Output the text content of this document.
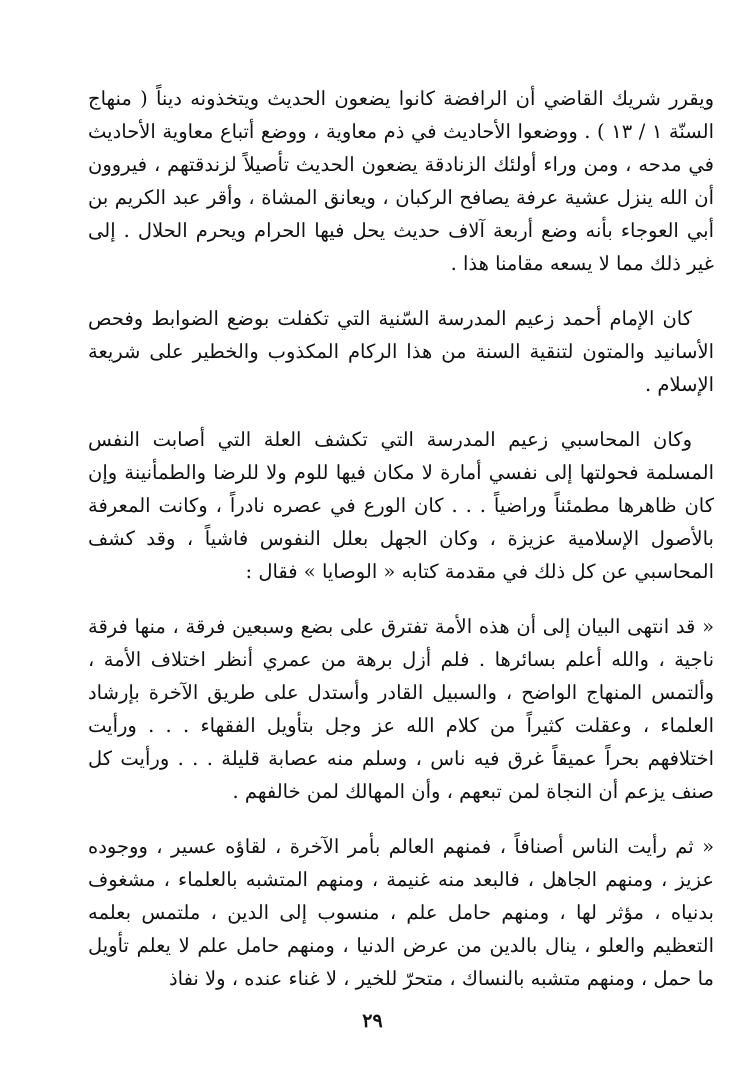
ويقرر شريك القاضي أن الرافضة كانوا يضعون الحديث ويتخذونه ديناً ( منهاج السنّة ١ / ١٣ ) . ووضعوا الأحاديث في ذم معاوية ، ووضع أتباع معاوية الأحاديث في مدحه ، ومن وراء أولئك الزنادقة يضعون الحديث تأصيلاً لزندقتهم ، فيروون أن الله ينزل عشية عرفة يصافح الركبان ، ويعانق المشاة ، وأقر عبد الكريم بن أبي العوجاء بأنه وضع أربعة آلاف حديث يحل فيها الحرام ويحرم الحلال . إلى غير ذلك مما لا يسعه مقامنا هذا .

كان الإمام أحمد زعيم المدرسة السّنية التي تكفلت بوضع الضوابط وفحص الأسانيد والمتون لتنقية السنة من هذا الركام المكذوب والخطير على شريعة الإسلام .

وكان المحاسبي زعيم المدرسة التي تكشف العلة التي أصابت النفس المسلمة فحولتها إلى نفسي أمارة لا مكان فيها للوم ولا للرضا والطمأنينة وإن كان ظاهرها مطمئناً وراضياً . . . كان الورع في عصره نادراً ، وكانت المعرفة بالأصول الإسلامية عزيزة ، وكان الجهل بعلل النفوس فاشياً ، وقد كشف المحاسبي عن كل ذلك في مقدمة كتابه « الوصايا » فقال :

« قد انتهى البيان إلى أن هذه الأمة تفترق على بضع وسبعين فرقة ، منها فرقة ناجية ، والله أعلم بسائرها . فلم أزل برهة من عمري أنظر اختلاف الأمة ، وألتمس المنهاج الواضح ، والسبيل القادر وأستدل على طريق الآخرة بإرشاد العلماء ، وعقلت كثيراً من كلام الله عز وجل بتأويل الفقهاء . . . ورأيت اختلافهم بحراً عميقاً غرق فيه ناس ، وسلم منه عصابة قليلة . . . ورأيت كل صنف يزعم أن النجاة لمن تبعهم ، وأن المهالك لمن خالفهم .

« ثم رأيت الناس أصنافاً ، فمنهم العالم بأمر الآخرة ، لقاؤه عسير ، ووجوده عزيز ، ومنهم الجاهل ، فالبعد منه غنيمة ، ومنهم المتشبه بالعلماء ، مشغوف بدنياه ، مؤثر لها ، ومنهم حامل علم ، منسوب إلى الدين ، ملتمس بعلمه التعظيم والعلو ، ينال بالدين من عرض الدنيا ، ومنهم حامل علم لا يعلم تأويل ما حمل ، ومنهم متشبه بالنساك ، متحرّ للخير ، لا غناء عنده ، ولا نفاذ

٢٩
